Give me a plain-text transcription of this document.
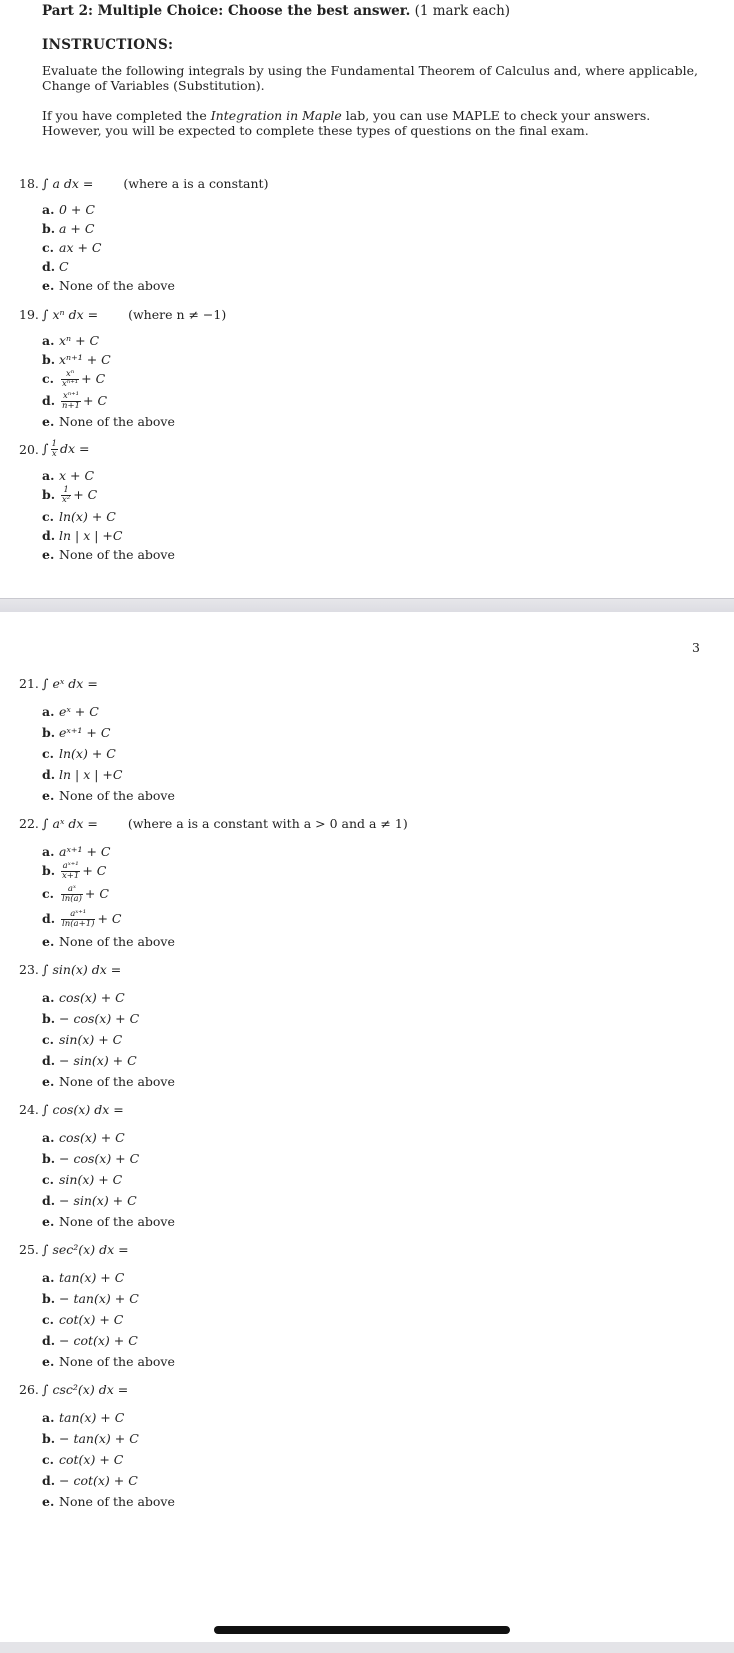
Part 2: Multiple Choice: Choose the best answer. (1 mark each)
INSTRUCTIONS:
Evaluate the following integrals by using the Fundamental Theorem of Calculus and, where applicable, Change of Variables (Substitution).
If you have completed the Integration in Maple lab, you can use MAPLE to check your answers. However, you will be expected to complete these types of questions on the final exam.
18. ∫ a dx = (where a is a constant)
a. 0 + C
b. a + C
c. ax + C
d. C
e. None of the above
19. ∫ xⁿ dx = (where n ≠ −1)
a. xⁿ + C
b. xⁿ⁺¹ + C
c. $\frac{\text{xⁿ}}{\text{xⁿ⁺¹}} + C$
d. $\frac{\text{xⁿ⁺¹}}{n+1} + C$
e. None of the above
20. ∫ $\frac{1}{x}$ dx =
a. x + C
b. $\frac{1}{\text{x²}} + C$
c. ln(x) + C
d. ln | x | +C
e. None of the above
3
21. ∫ eˣ dx =
a. eˣ + C
b. eˣ⁺¹ + C
c. ln(x) + C
d. ln | x | +C
e. None of the above
22. ∫ aˣ dx = (where a is a constant with a > 0 and a ≠ 1)
a. aˣ⁺¹ + C
b. $\frac{\text{aˣ⁺¹}}{x+1} + C$
c. $\frac{\text{aˣ}}{\ln(a)} + C$
d. $\frac{\text{aˣ⁺¹}}{\ln(a+1)} + C$
e. None of the above
23. ∫ sin(x) dx =
a. cos(x) + C
b. − cos(x) + C
c. sin(x) + C
d. − sin(x) + C
e. None of the above
24. ∫ cos(x) dx =
a. cos(x) + C
b. − cos(x) + C
c. sin(x) + C
d. − sin(x) + C
e. None of the above
25. ∫ sec²(x) dx =
a. tan(x) + C
b. − tan(x) + C
c. cot(x) + C
d. − cot(x) + C
e. None of the above
26. ∫ csc²(x) dx =
a. tan(x) + C
b. − tan(x) + C
c. cot(x) + C
d. − cot(x) + C
e. None of the above
